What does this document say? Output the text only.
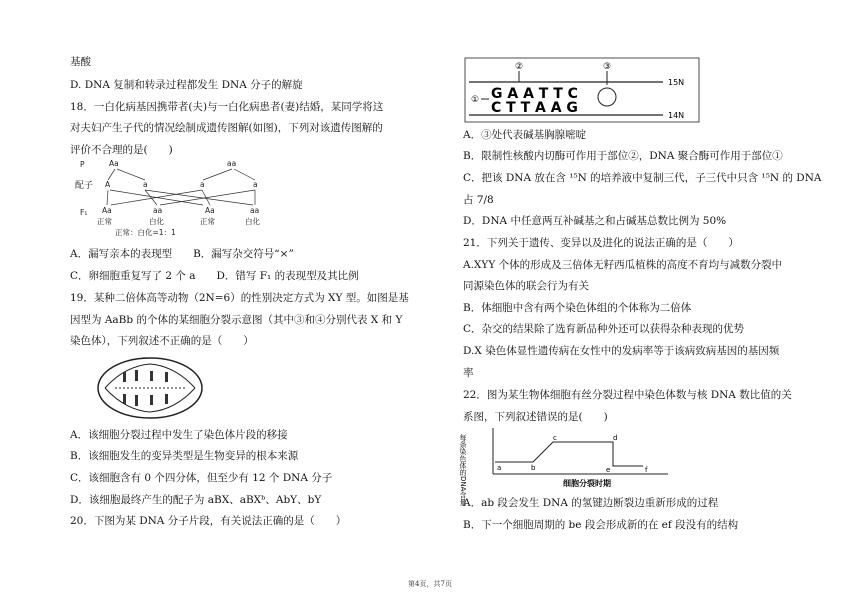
基酸
D. DNA 复制和转录过程都发生 DNA 分子的解旋
18．一白化病基因携带者(夫)与一白化病患者(妻)结婚，某同学将这
对夫妇产生子代的情况绘制成遗传图解(如图)，下列对该遗传图解的
评价不合理的是(　　)
P	Aa	aa
配子 A	a	a	a
F₁ Aa	aa	Aa	aa
正常	白化	正常	白化
正常：白化=1：1
A．漏写亲本的表现型　　B．漏写杂交符号“×”
C．卵细胞重复写了 2 个 a　　D．错写 F₁ 的表现型及其比例
19．某种二倍体高等动物（2N=6）的性别决定方式为 XY 型。如图是基
因型为 AaBb 的个体的某细胞分裂示意图（其中③和④分别代表 X 和 Y
染色体），下列叙述不正确的是（　　）
A．该细胞分裂过程中发生了染色体片段的移接
B．该细胞发生的变异类型是生物变异的根本来源
C．该细胞含有 0 个四分体，但至少有 12 个 DNA 分子
D．该细胞最终产生的配子为 aBX、aBXᵇ、AbY、bY
20．下图为某 DNA 分子片段，有关说法正确的是（　　）
G A A T T C
C T T A A G
15N
14N
①
②	③
A．③处代表碱基胸腺嘧啶
B．限制性核酸内切酶可作用于部位②，DNA 聚合酶可作用于部位①
C．把该 DNA 放在含 ¹⁵N 的培养液中复制三代，子三代中只含 ¹⁵N 的 DNA
占 7/8
D．DNA 中任意两互补碱基之和占碱基总数比例为 50%
21．下列关于遗传、变异以及进化的说法正确的是（　　）
A.XYY 个体的形成及三倍体无籽西瓜植株的高度不育均与减数分裂中
同源染色体的联会行为有关
B．体细胞中含有两个染色体组的个体称为二倍体
C．杂交的结果除了选育新品种外还可以获得杂种表现的优势
D.X 染色体显性遗传病在女性中的发病率等于该病致病基因的基因频
率
22．图为某生物体细胞有丝分裂过程中染色体数与核 DNA 数比值的关
系图，下列叙述错误的是(　　)
每条染色体的DNA含量	a	b
c	d
e	f
细胞分裂时期
A．ab 段会发生 DNA 的氢键边断裂边重新形成的过程
B．下一个细胞周期的 be 段会形成新的在 ef 段没有的结构
第4页，共7页
